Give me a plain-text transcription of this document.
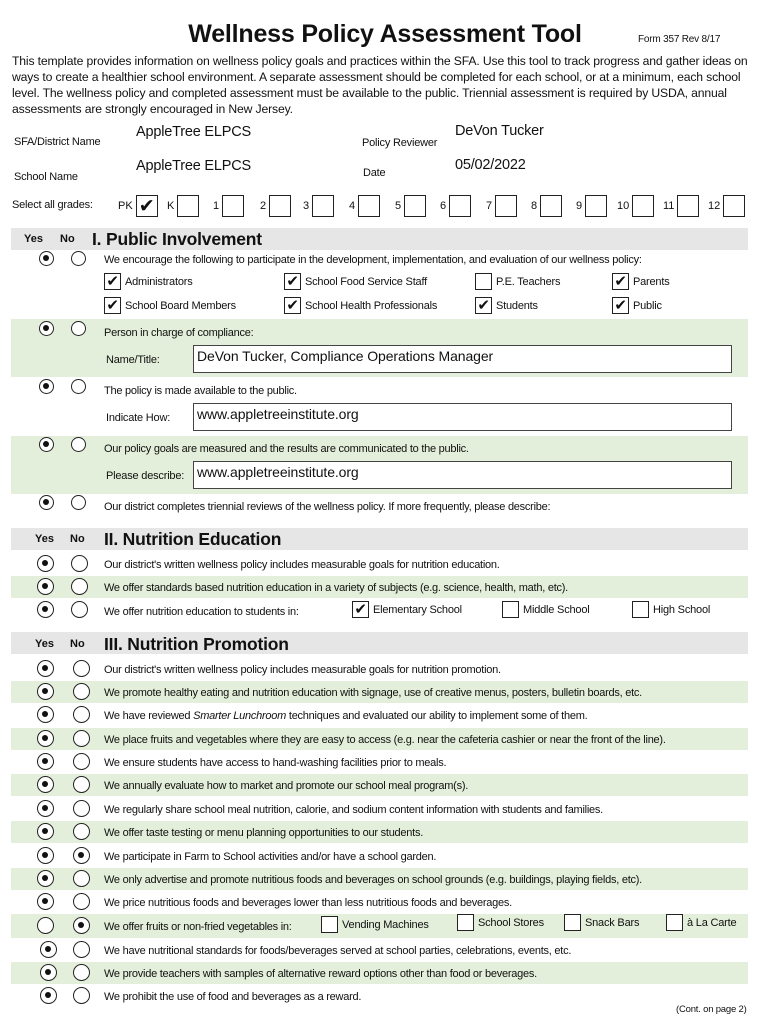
Wellness Policy Assessment Tool	Form 357 Rev 8/17
This template provides information on wellness policy goals and practices within the SFA. Use this tool to track progress and gather ideas on ways to create a healthier school environment. A separate assessment should be completed for each school, or at a minimum, each school level. The wellness policy and completed assessment must be available to the public. Triennial assessment is required by USDA, annual assessments are strongly encouraged in New Jersey.
SFA/District Name
AppleTree ELPCS
Policy Reviewer
DeVon Tucker
School Name
AppleTree ELPCS	Date	05/02/2022
Select all grades: PK ✔ K	1	2	3	4	5	6	7	8	9	10	11	12
Yes No I. Public Involvement
We encourage the following to participate in the development, implementation, and evaluation of our wellness policy:
✔ Administrators	✔ School Food Service Staff	P.E. Teachers	✔ Parents
✔ School Board Members	✔ School Health Professionals	✔ Students	✔ Public
Person in charge of compliance:
Name/Title:	DeVon Tucker, Compliance Operations Manager
The policy is made available to the public.
Indicate How: www.appletreeinstitute.org
Our policy goals are measured and the results are communicated to the public.
Please describe: www.appletreeinstitute.org
Our district completes triennial reviews of the wellness policy. If more frequently, please describe:
Yes No II. Nutrition Education
Our district's written wellness policy includes measurable goals for nutrition education.
We offer standards based nutrition education in a variety of subjects (e.g. science, health, math, etc).
We offer nutrition education to students in:	✔ Elementary School	Middle School	High School
Yes No III. Nutrition Promotion
Our district's written wellness policy includes measurable goals for nutrition promotion.
We promote healthy eating and nutrition education with signage, use of creative menus, posters, bulletin boards, etc.
We have reviewed Smarter Lunchroom techniques and evaluated our ability to implement some of them.
We place fruits and vegetables where they are easy to access (e.g. near the cafeteria cashier or near the front of the line).
We ensure students have access to hand-washing facilities prior to meals.
We annually evaluate how to market and promote our school meal program(s).
We regularly share school meal nutrition, calorie, and sodium content information with students and families.
We offer taste testing or menu planning opportunities to our students.
We participate in Farm to School activities and/or have a school garden.
We only advertise and promote nutritious foods and beverages on school grounds (e.g. buildings, playing fields, etc).
We price nutritious foods and beverages lower than less nutritious foods and beverages.
We offer fruits or non-fried vegetables in:	Vending Machines	School Stores	Snack Bars	à La Carte
We have nutritional standards for foods/beverages served at school parties, celebrations, events, etc.
We provide teachers with samples of alternative reward options other than food or beverages.
We prohibit the use of food and beverages as a reward.
(Cont. on page 2)
